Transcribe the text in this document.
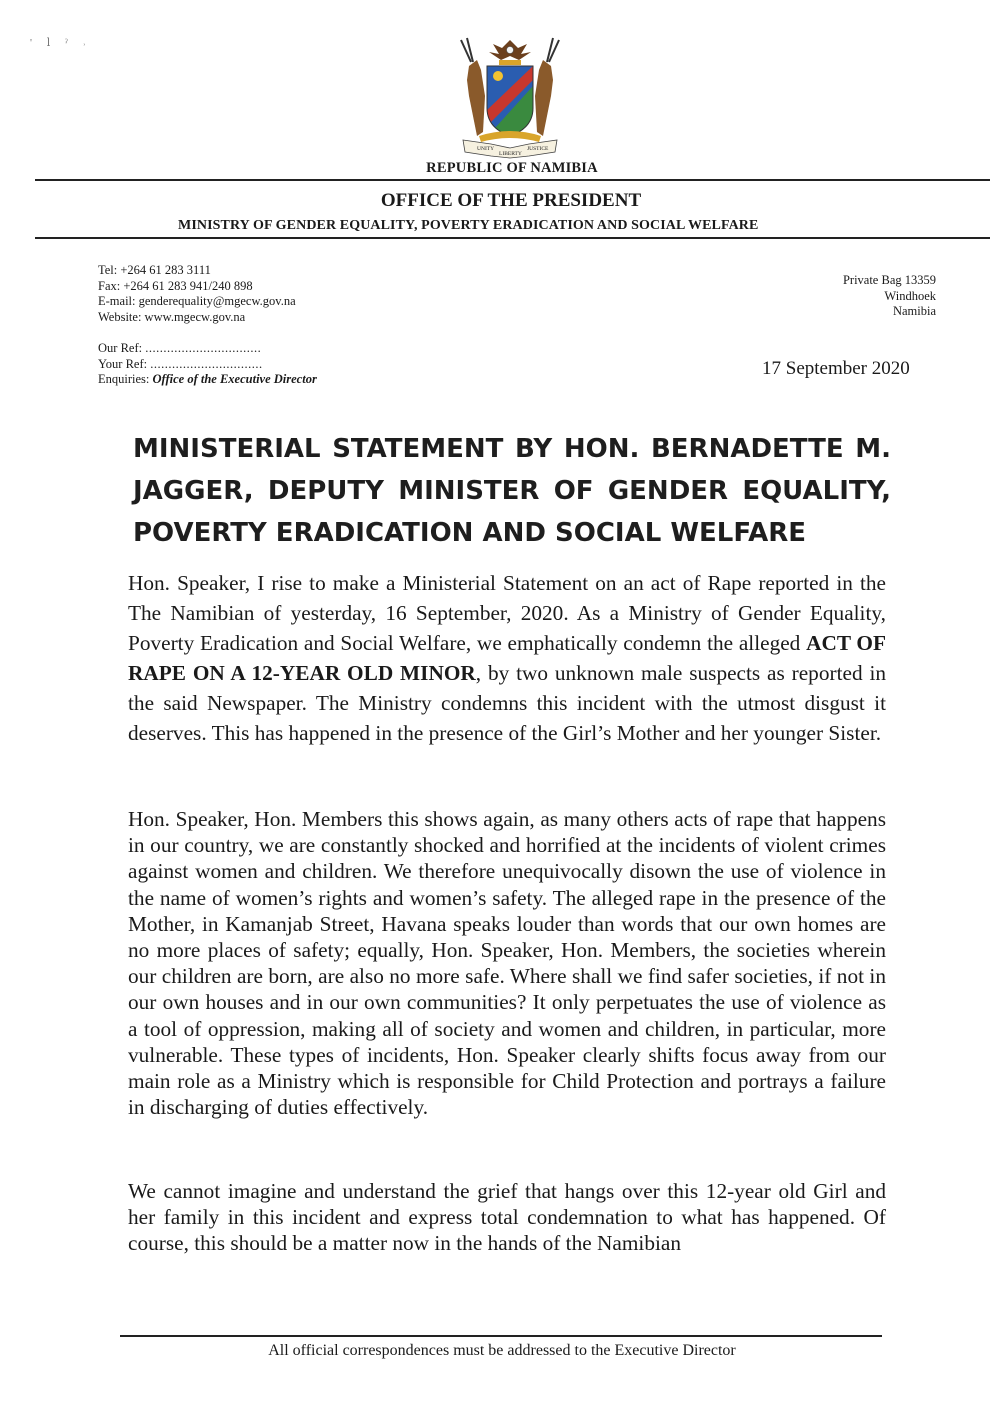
' ⅼ ˀ ˒
UNITY
LIBERTY
JUSTICE
REPUBLIC OF NAMIBIA
OFFICE OF THE PRESIDENT
MINISTRY OF GENDER EQUALITY, POVERTY ERADICATION AND SOCIAL WELFARE
Tel: +264 61 283 3111
Fax: +264 61 283 941/240 898
E-mail: genderequality@mgecw.gov.na
Website: www.mgecw.gov.na
Private Bag 13359
Windhoek
Namibia
Our Ref: ................................
Your Ref: ...............................
Enquiries: Office of the Executive Director	17 September 2020
MINISTERIAL STATEMENT BY HON. BERNADETTE M.
JAGGER, DEPUTY MINISTER OF GENDER EQUALITY,
POVERTY ERADICATION AND SOCIAL WELFARE
Hon. Speaker, I rise to make a Ministerial Statement on an act of Rape reported in the The Namibian of yesterday, 16 September, 2020. As a Ministry of Gender Equality, Poverty Eradication and Social Welfare, we emphatically condemn the alleged ACT OF RAPE ON A 12-YEAR OLD MINOR, by two unknown male suspects as reported in the said Newspaper. The Ministry condemns this incident with the utmost disgust it deserves. This has happened in the presence of the Girl’s Mother and her younger Sister.
Hon. Speaker, Hon. Members this shows again, as many others acts of rape that happens in our country, we are constantly shocked and horrified at the incidents of violent crimes against women and children. We therefore unequivocally disown the use of violence in the name of women’s rights and women’s safety. The alleged rape in the presence of the Mother, in Kamanjab Street, Havana speaks louder than words that our own homes are no more places of safety; equally, Hon. Speaker, Hon. Members, the societies wherein our children are born, are also no more safe. Where shall we find safer societies, if not in our own houses and in our own communities? It only perpetuates the use of violence as a tool of oppression, making all of society and women and children, in particular, more vulnerable. These types of incidents, Hon. Speaker clearly shifts focus away from our main role as a Ministry which is responsible for Child Protection and portrays a failure in discharging of duties effectively.
We cannot imagine and understand the grief that hangs over this 12-year old Girl and her family in this incident and express total condemnation to what has happened. Of course, this should be a matter now in the hands of the Namibian
All official correspondences must be addressed to the Executive Director
